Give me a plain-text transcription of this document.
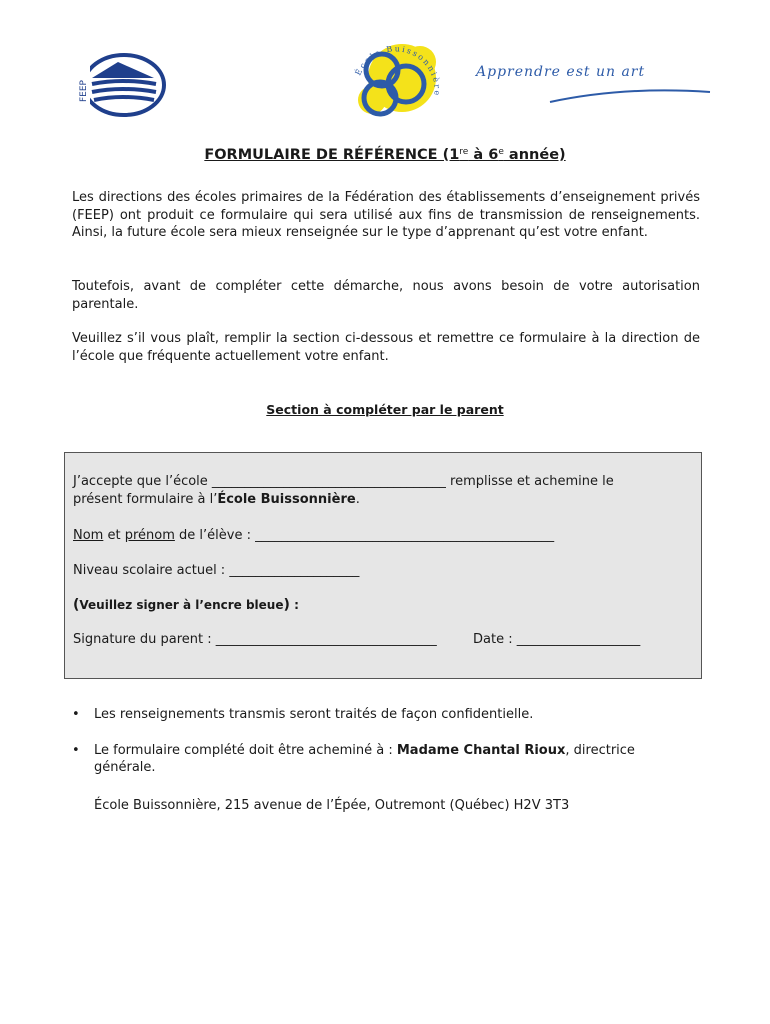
FEEP
École Buissonnière
Apprendre est un art
FORMULAIRE DE RÉFÉRENCE (1re à 6e année)
Les directions des écoles primaires de la Fédération des établissements d’enseignement privés (FEEP) ont produit ce formulaire qui sera utilisé aux fins de transmission de renseignements. Ainsi, la future école sera mieux renseignée sur le type d’apprenant qu’est votre enfant.
Toutefois, avant de compléter cette démarche, nous avons besoin de votre autorisation parentale.
Veuillez s’il vous plaît, remplir la section ci-dessous et remettre ce formulaire à la direction de l’école que fréquente actuellement votre enfant.
Section à compléter par le parent
J’accepte que l’école ____________________________________ remplisse et achemine le
présent formulaire à l’École Buissonnière.
Nom et prénom de l’élève : ______________________________________________
Niveau scolaire actuel : ____________________
(Veuillez signer à l’encre bleue) :
Signature du parent : __________________________________	Date : ___________________
• Les renseignements transmis seront traités de façon confidentielle.
• Le formulaire complété doit être acheminé à : Madame Chantal Rioux, directrice générale.
École Buissonnière, 215 avenue de l’Épée, Outremont (Québec) H2V 3T3
